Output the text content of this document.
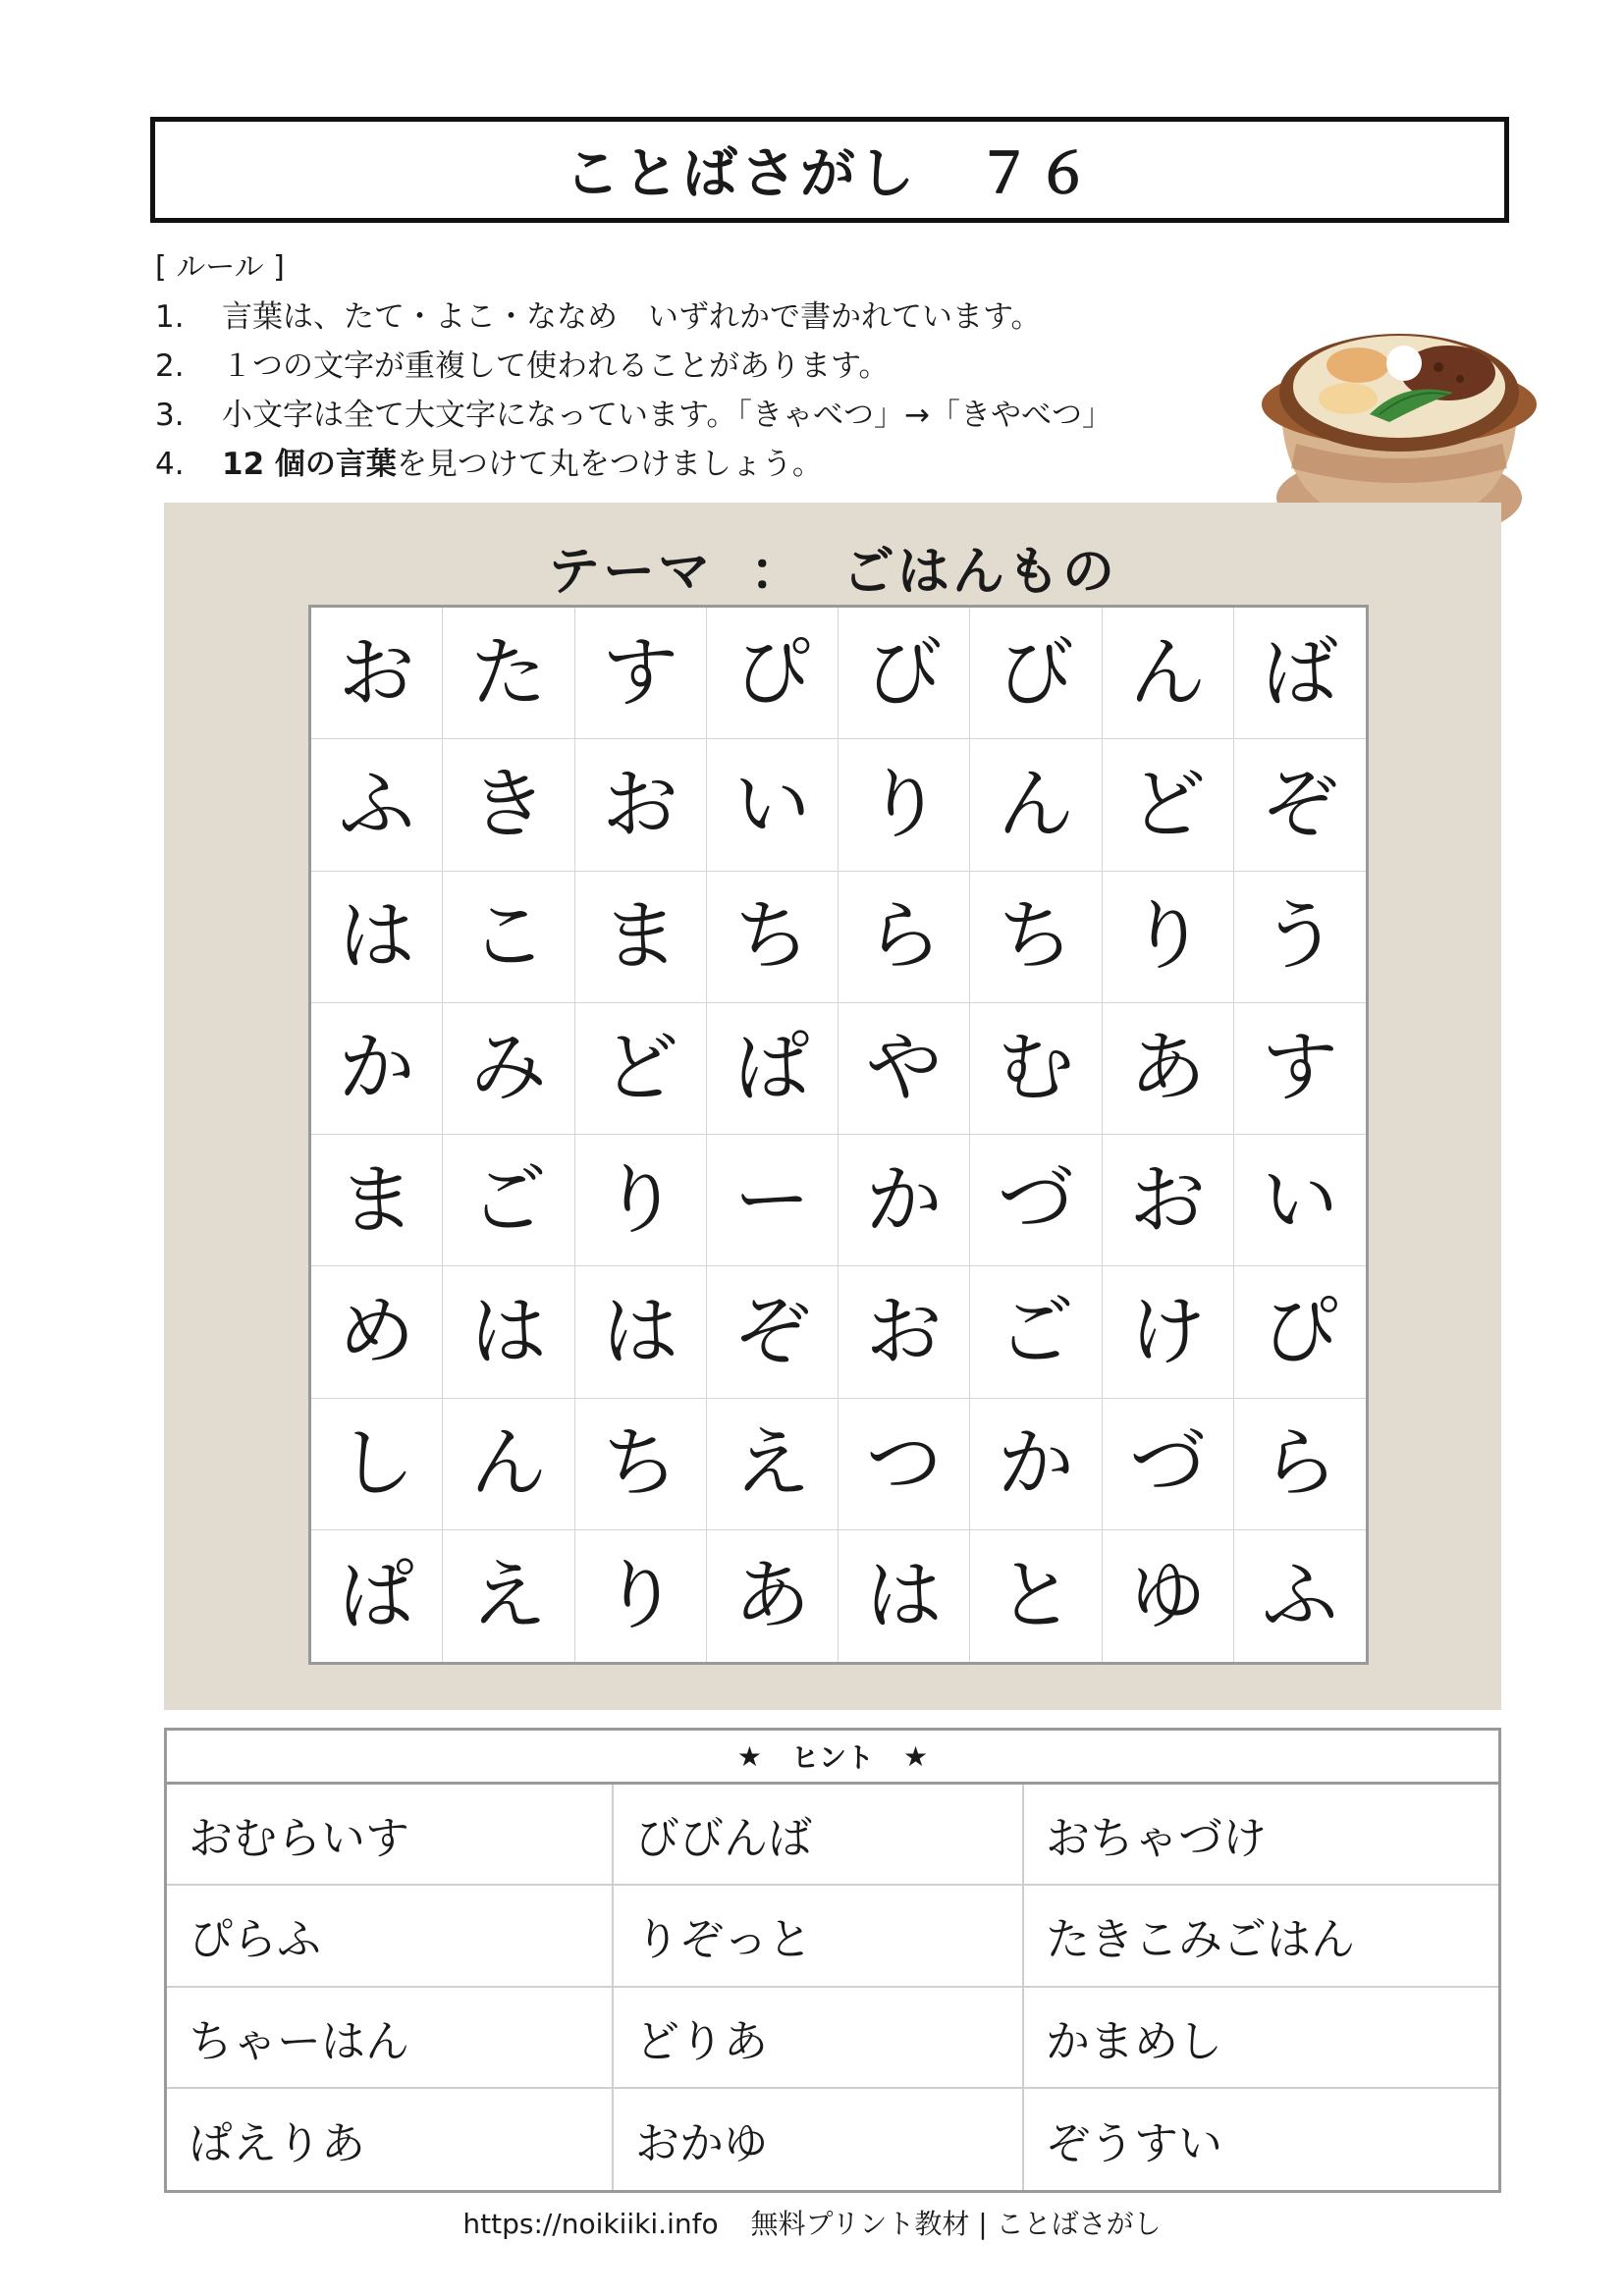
ことばさがし　７６
[ ルール ]
1.	言葉は、たて・よこ・ななめ　いずれかで書かれています。
2.	１つの文字が重複して使われることがあります。
3.	小文字は全て大文字になっています。「きゃべつ」→「きやべつ」
4.	12 個の言葉を見つけて丸をつけましょう。
テーマ ： ごはんもの
お た す ぴ び び ん ば
ふ き お い り ん ど ぞ
は こ ま ち ら ち り う
か み ど ぱ や む あ す
ま ご り ー か づ お い
め は は ぞ お ご け ぴ
し ん ち え つ か づ ら
ぱ え り あ は と ゆ ふ
★ ヒント ★
おむらいす	びびんば	おちゃづけ
ぴらふ	りぞっと	たきこみごはん
ちゃーはん	どりあ	かまめし
ぱえりあ	おかゆ	ぞうすい
https://noikiiki.info 無料プリント教材 | ことばさがし
